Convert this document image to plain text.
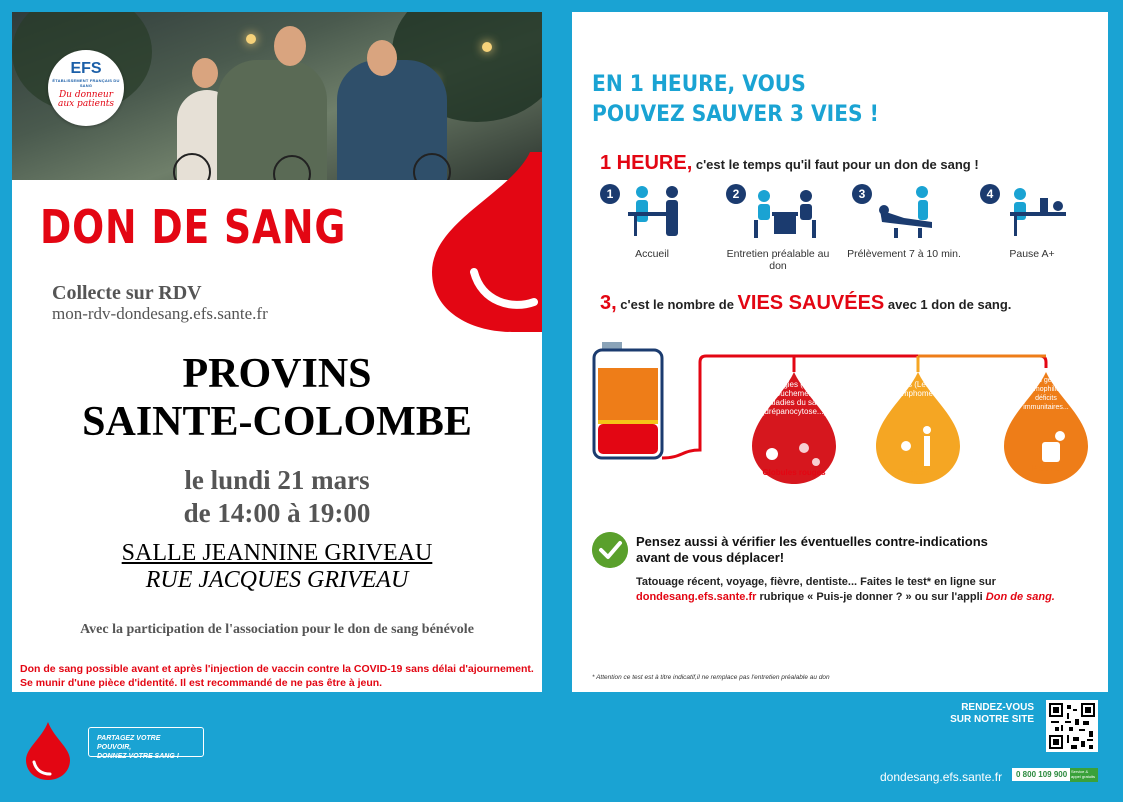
EFS
ÉTABLISSEMENT FRANÇAIS DU SANG
Du donneur
aux patients
DON DE SANG
Collecte sur RDV
mon-rdv-dondesang.efs.sante.fr
PROVINS
SAINTE-COLOMBE
le lundi 21 mars
de 14:00 à 19:00
SALLE JEANNINE GRIVEAU
RUE JACQUES GRIVEAU
Avec la participation de l'association pour le don de sang bénévole
Don de sang possible avant et après l'injection de vaccin contre la COVID-19 sans délai d'ajournement.
Se munir d'une pièce d'identité. Il est recommandé de ne pas être à jeun.
EN 1 HEURE, VOUS
POUVEZ SAUVER 3 VIES !
1 HEURE, c'est le temps qu'il faut pour un don de sang !
1
Accueil
2
Entretien préalable au don
3
Prélèvement 7 à 10 min.
4
Pause A+
3, c'est le nombre de VIES SAUVÉES avec 1 don de sang.
Hémorragies (chirurgie, accouchement...) maladies du sang (drépanocytose...)
Globules rouges
Cancers (Leucémie, Lymphome...)
Plaquettes
Maladies génétiques (hémophilie...) déficits immunitaires...
Plasma
Pensez aussi à vérifier les éventuelles contre-indications
avant de vous déplacer!
Tatouage récent, voyage, fièvre, dentiste... Faites le test* en ligne sur
dondesang.efs.sante.fr rubrique « Puis-je donner ? » ou sur l'appli Don de sang.
* Attention ce test est à titre indicatif,il ne remplace pas l'entretien préalable au don
PARTAGEZ VOTRE POUVOIR,
DONNEZ VOTRE SANG !
RENDEZ-VOUS
SUR NOTRE SITE
dondesang.efs.sante.fr	0 800 109 900 Service & appel gratuits
